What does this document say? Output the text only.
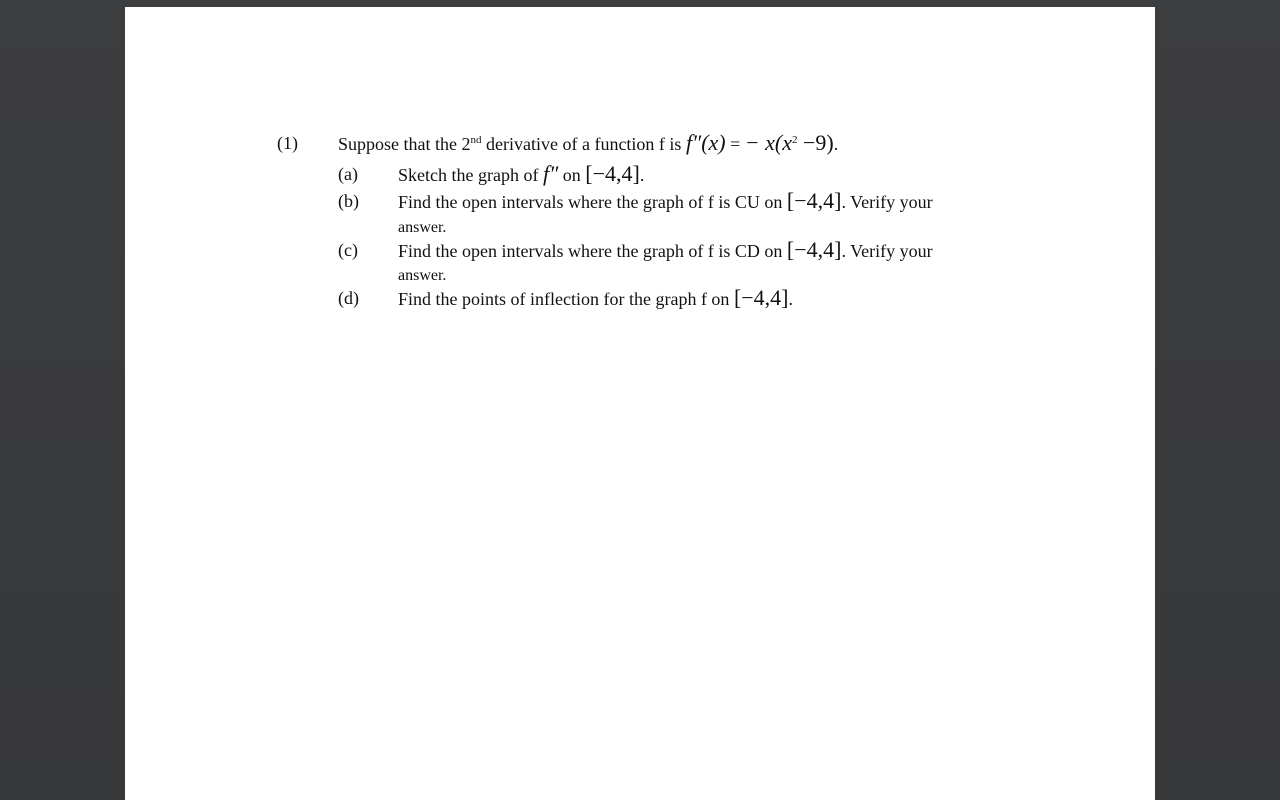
(1) Suppose that the 2nd derivative of a function f is f″(x) = − $x(x^2 -9)$.
(a) Sketch the graph of f″ on [−4,4].
(b) Find the open intervals where the graph of f is CU on [−4,4]. Verify your
answer.
(c) Find the open intervals where the graph of f is CD on [−4,4]. Verify your
answer.
(d) Find the points of inflection for the graph f on [−4,4].
